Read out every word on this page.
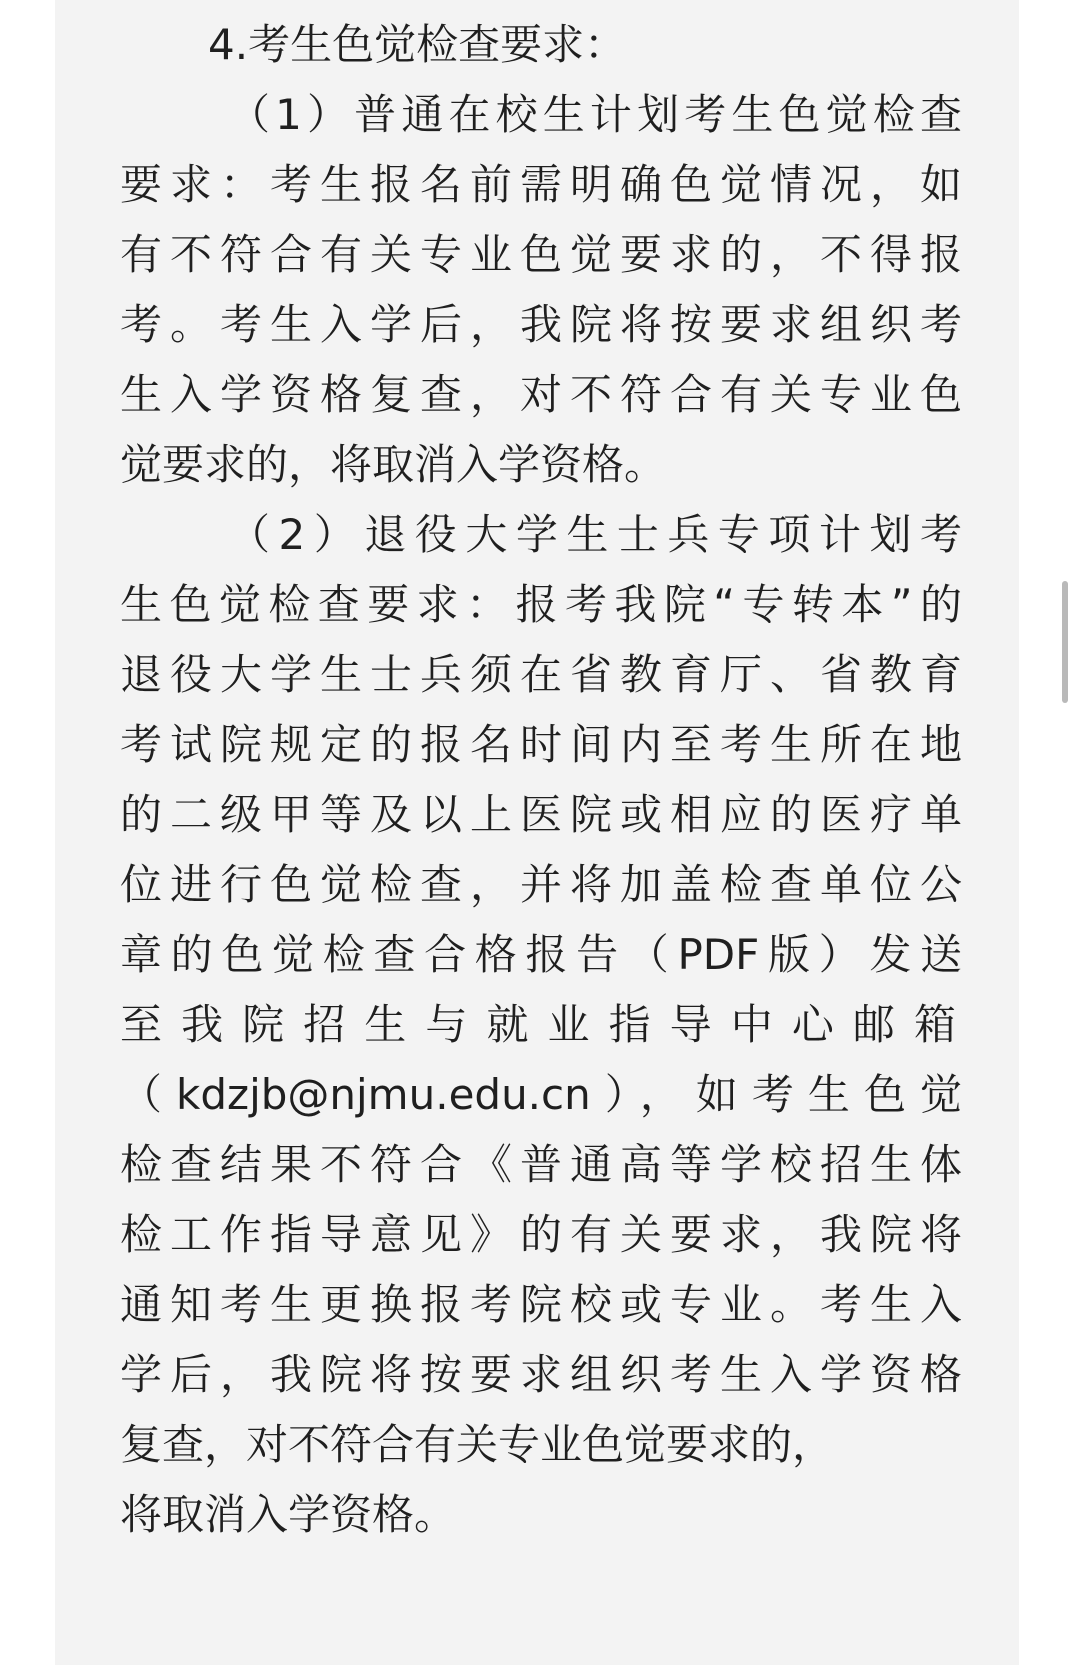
4.考生色觉检查要求：
（1）普通在校生计划考生色觉检查
要求：考生报名前需明确色觉情况，如
有不符合有关专业色觉要求的，不得报
考。考生入学后，我院将按要求组织考
生入学资格复查，对不符合有关专业色
觉要求的，将取消入学资格。
（2）退役大学生士兵专项计划考
生色觉检查要求：报考我院“专转本”的
退役大学生士兵须在省教育厅、省教育
考试院规定的报名时间内至考生所在地
的二级甲等及以上医院或相应的医疗单
位进行色觉检查，并将加盖检查单位公
章的色觉检查合格报告（PDF版）发送
至我院招生与就业指导中心邮箱
（kdzjb@njmu.edu.cn），如考生色觉
检查结果不符合《普通高等学校招生体
检工作指导意见》的有关要求，我院将
通知考生更换报考院校或专业。考生入
学后，我院将按要求组织考生入学资格
复查，对不符合有关专业色觉要求的，
将取消入学资格。
